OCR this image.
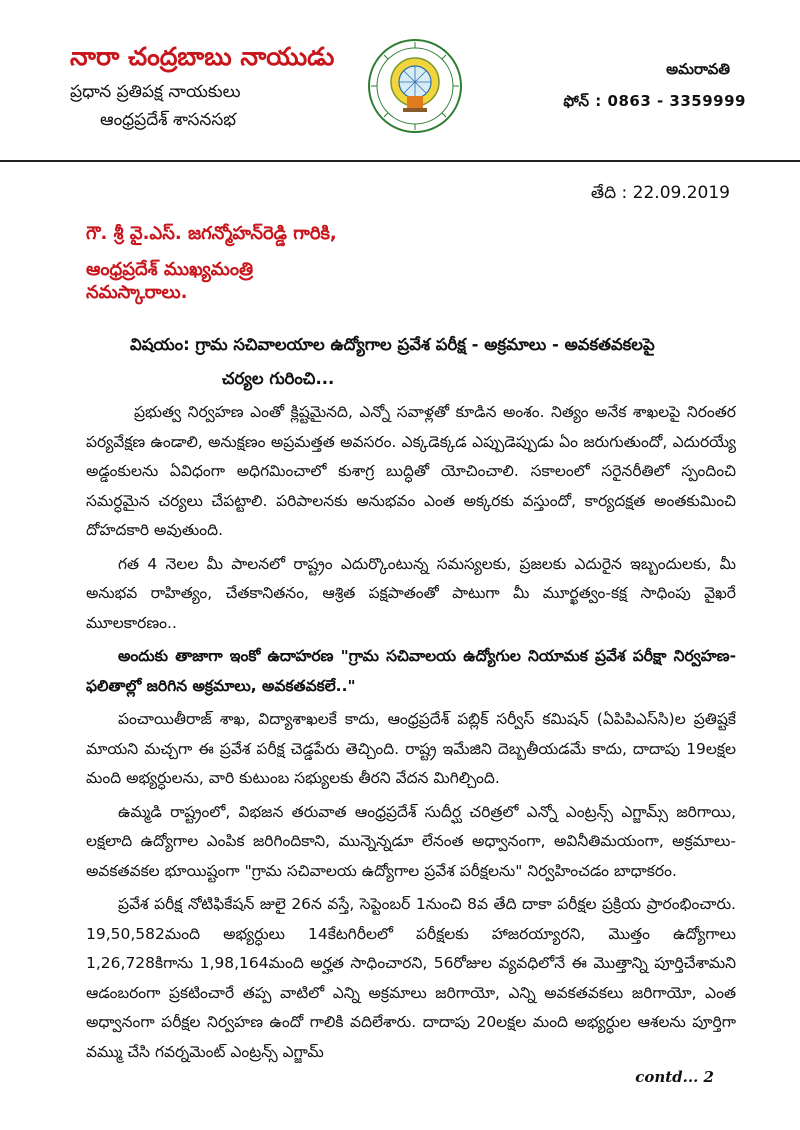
నారా చంద్రబాబు నాయుడు
ప్రధాన ప్రతిపక్ష నాయకులు
ఆంధ్రప్రదేశ్ శాసనసభ
అమరావతి
ఫోన్ : 0863 - 3359999
తేది : 22.09.2019
గౌ. శ్రీ వై.ఎస్. జగన్మోహన్‌రెడ్డి గారికి,
ఆంధ్రప్రదేశ్ ముఖ్యమంత్రి
నమస్కారాలు.
విషయం: గ్రామ సచివాలయాల ఉద్యోగాల ప్రవేశ పరీక్ష - అక్రమాలు - అవకతవకలపై
చర్యల గురించి...

ప్రభుత్వ నిర్వహణ ఎంతో క్లిష్టమైనది, ఎన్నో సవాళ్లతో కూడిన అంశం. నిత్యం అనేక శాఖలపై నిరంతర పర్యవేక్షణ ఉండాలి, అనుక్షణం అప్రమత్తత అవసరం. ఎక్కడెక్కడ ఎప్పుడెప్పుడు ఏం జరుగుతుందో, ఎదురయ్యే అడ్డంకులను ఏవిధంగా అధిగమించాలో కుశాగ్ర బుద్ధితో యోచించాలి. సకాలంలో సరైనరీతిలో స్పందించి సమర్ధమైన చర్యలు చేపట్టాలి. పరిపాలనకు అనుభవం ఎంత అక్కరకు వస్తుందో, కార్యదక్షత అంతకుమించి దోహదకారి అవుతుంది.

గత 4 నెలల మీ పాలనలో రాష్ట్రం ఎదుర్కొంటున్న సమస్యలకు, ప్రజలకు ఎదురైన ఇబ్బందులకు, మీ అనుభవ రాహిత్యం, చేతకానితనం, ఆశ్రిత పక్షపాతంతో పాటుగా మీ మూర్ఖత్వం-కక్ష సాధింపు వైఖరే మూలకారణం..

అందుకు తాజాగా ఇంకో ఉదాహరణ "గ్రామ సచివాలయ ఉద్యోగుల నియామక ప్రవేశ పరీక్షా నిర్వహణ-ఫలితాల్లో జరిగిన అక్రమాలు, అవకతవకలే.."

పంచాయితీరాజ్ శాఖ, విద్యాశాఖలకే కాదు, ఆంధ్రప్రదేశ్ పబ్లిక్ సర్వీస్ కమిషన్ (ఏపిపిఎస్‌సి)ల ప్రతిష్టకే మాయని మచ్చగా ఈ ప్రవేశ పరీక్ష చెడ్డపేరు తెచ్చింది. రాష్ట్ర ఇమేజిని దెబ్బతీయడమే కాదు, దాదాపు 19లక్షల మంది అభ్యర్ధులను, వారి కుటుంబ సభ్యులకు తీరని వేదన మిగిల్చింది.

ఉమ్మడి రాష్ట్రంలో, విభజన తరువాత ఆంధ్రప్రదేశ్ సుదీర్ఘ చరిత్రలో ఎన్నో ఎంట్రన్స్ ఎగ్జామ్స్ జరిగాయి, లక్షలాది ఉద్యోగాల ఎంపిక జరిగిందికాని, మున్నెన్నడూ లేనంత అధ్వానంగా, అవినీతిమయంగా, అక్రమాలు-అవకతవకల భూయిష్టంగా "గ్రామ సచివాలయ ఉద్యోగాల ప్రవేశ పరీక్షలను" నిర్వహించడం బాధాకరం.

ప్రవేశ పరీక్ష నోటిఫికేషన్ జులై 26న వస్తే, సెప్టెంబర్ 1నుంచి 8వ తేది దాకా పరీక్షల ప్రక్రియ ప్రారంభించారు. 19,50,582మంది అభ్యర్ధులు 14కేటగిరీలలో పరీక్షలకు హాజరయ్యారని, మొత్తం ఉద్యోగాలు 1,26,728కిగాను 1,98,164మంది అర్హత సాధించారని, 56రోజుల వ్యవధిలోనే ఈ మొత్తాన్ని పూర్తిచేశామని ఆడంబరంగా ప్రకటించారే తప్ప వాటిలో ఎన్ని అక్రమాలు జరిగాయో, ఎన్ని అవకతవకలు జరిగాయో, ఎంత అధ్వానంగా పరీక్షల నిర్వహణ ఉందో గాలికి వదిలేశారు. దాదాపు 20లక్షల మంది అభ్యర్ధుల ఆశలను పూర్తిగా వమ్ము చేసి గవర్నమెంట్ ఎంట్రన్స్ ఎగ్జామ్

contd... 2
